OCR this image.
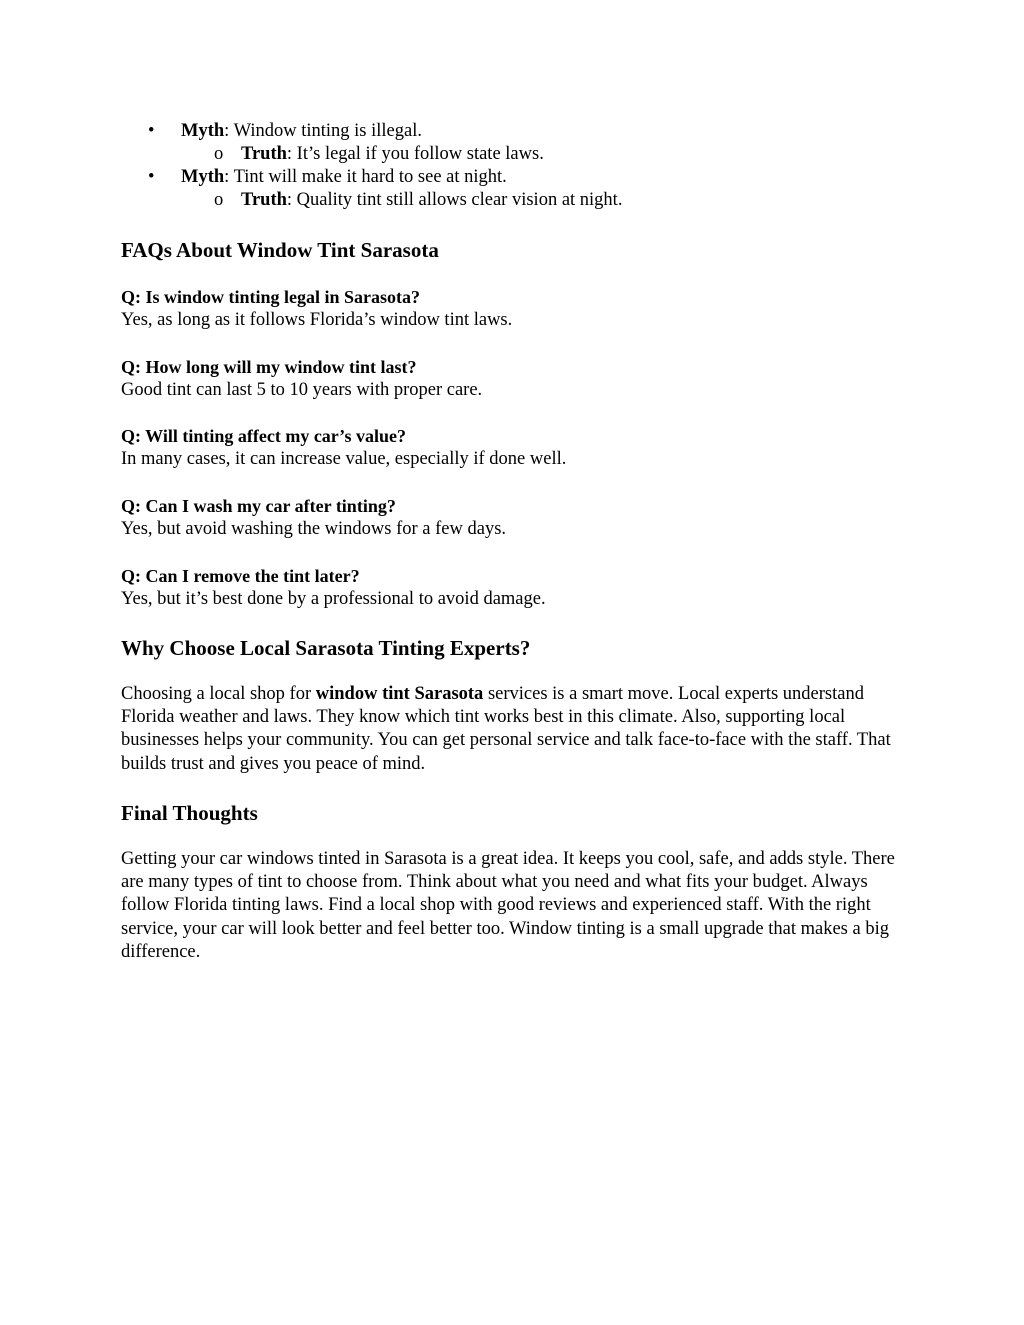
• Myth: Window tinting is illegal.

o Truth: It’s legal if you follow state laws.

• Myth: Tint will make it hard to see at night.

o Truth: Quality tint still allows clear vision at night.

FAQs About Window Tint Sarasota

Q: Is window tinting legal in Sarasota?

Yes, as long as it follows Florida’s window tint laws.

Q: How long will my window tint last?

Good tint can last 5 to 10 years with proper care.

Q: Will tinting affect my car’s value?

In many cases, it can increase value, especially if done well.

Q: Can I wash my car after tinting?

Yes, but avoid washing the windows for a few days.

Q: Can I remove the tint later?

Yes, but it’s best done by a professional to avoid damage.

Why Choose Local Sarasota Tinting Experts?

Choosing a local shop for window tint Sarasota services is a smart move. Local experts understand Florida weather and laws. They know which tint works best in this climate. Also, supporting local businesses helps your community. You can get personal service and talk face-to-face with the staff. That builds trust and gives you peace of mind.

Final Thoughts

Getting your car windows tinted in Sarasota is a great idea. It keeps you cool, safe, and adds style. There are many types of tint to choose from. Think about what you need and what fits your budget. Always follow Florida tinting laws. Find a local shop with good reviews and experienced staff. With the right service, your car will look better and feel better too. Window tinting is a small upgrade that makes a big difference.
